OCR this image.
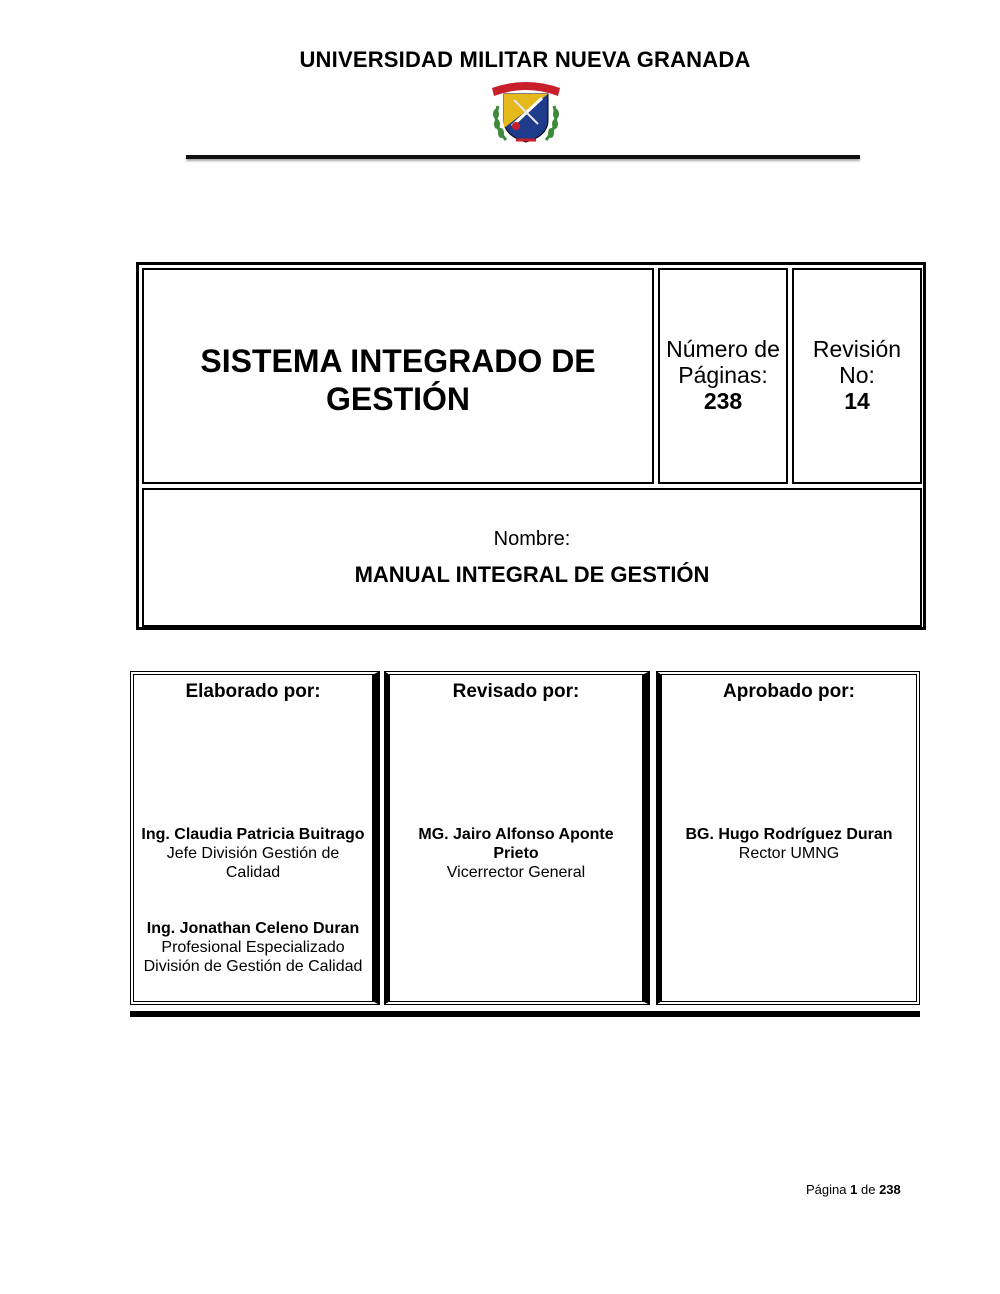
UNIVERSIDAD MILITAR NUEVA GRANADA
SISTEMA INTEGRADO DE
GESTIÓN
Número de
Páginas:
238
Revisión
No:
14
Nombre:
MANUAL INTEGRAL DE GESTIÓN
Elaborado por:
Ing. Claudia Patricia Buitrago
Jefe División Gestión de
Calidad
Ing. Jonathan Celeno Duran
Profesional Especializado
División de Gestión de Calidad
Revisado por:
MG. Jairo Alfonso Aponte
Prieto
Vicerrector General
Aprobado por:
BG. Hugo Rodríguez Duran
Rector UMNG
Página 1 de 238
